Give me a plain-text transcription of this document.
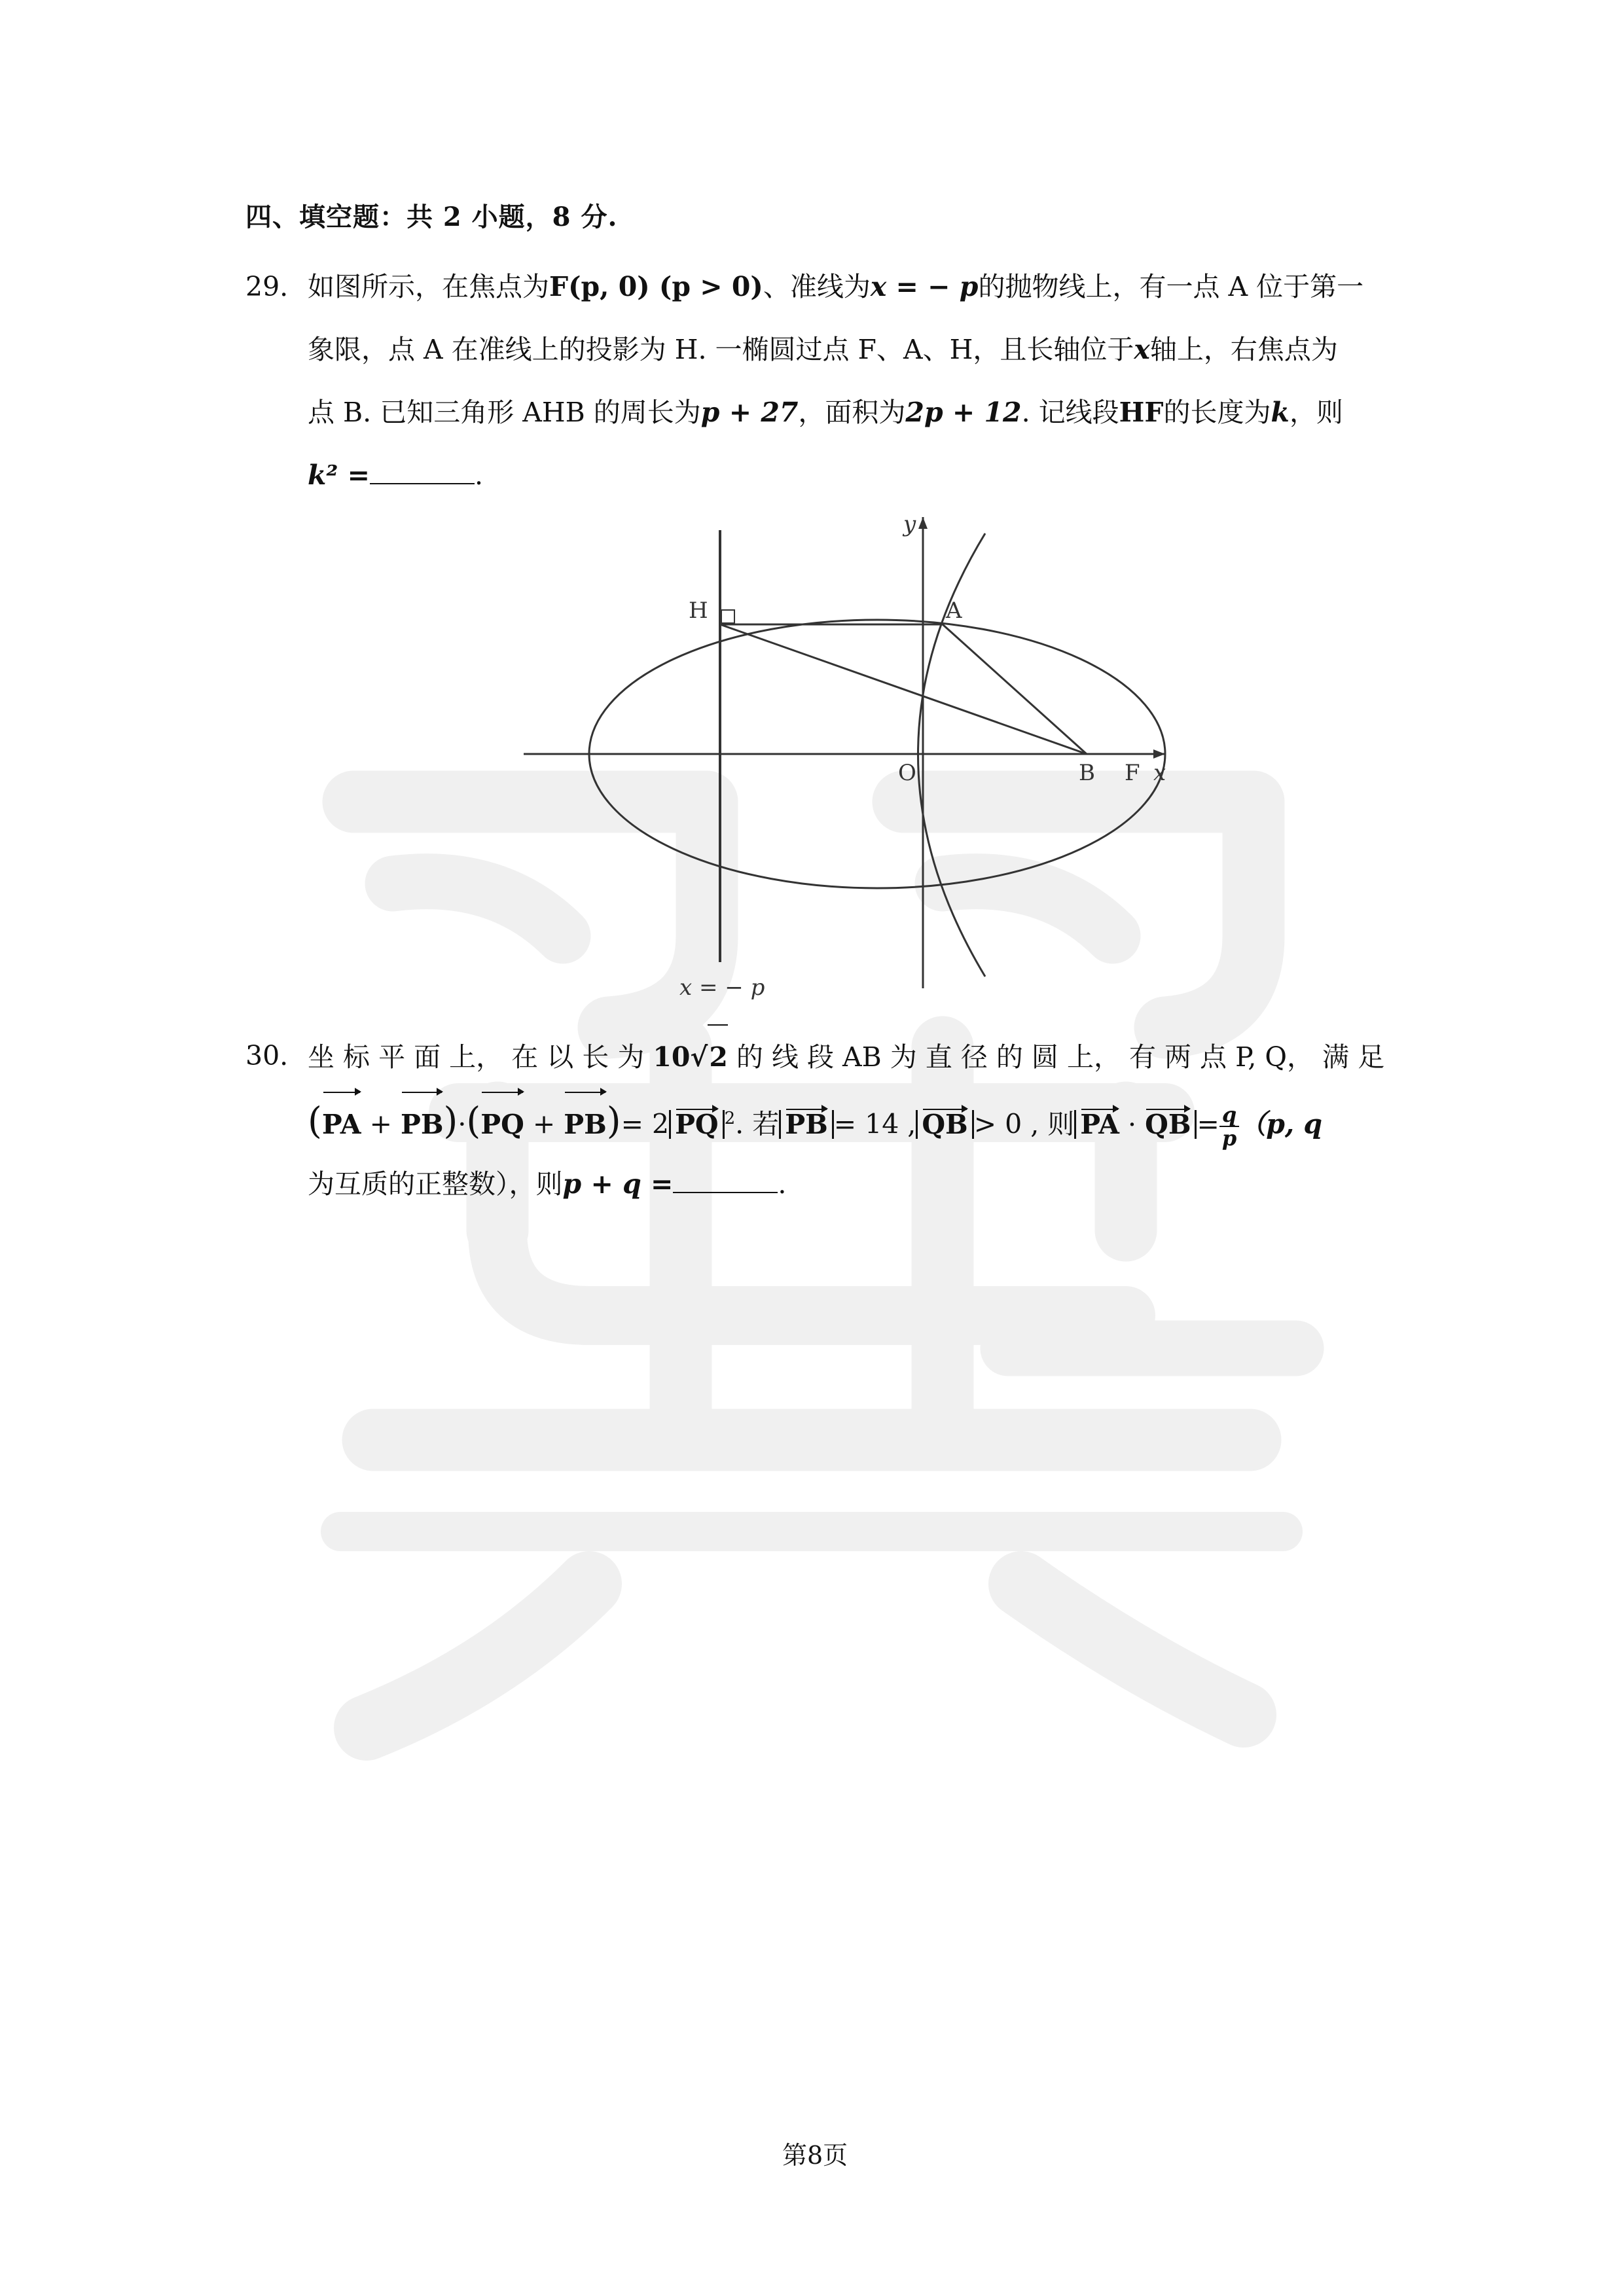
四、填空题：共 2 小题，8 分.
29. 如图所示，在焦点为F(p, 0) (p > 0)、准线为x = − p的抛物线上，有一点 A 位于第一
象限，点 A 在准线上的投影为 H. 一椭圆过点 F、A、H，且长轴位于x轴上，右焦点为
点 B. 已知三角形 AHB 的周长为p + 27，面积为2p + 12. 记线段HF的长度为k，则
k² =	.
y
x
H	A
O	B F
x = − p
30. 坐 标 平 面 上， 在 以 长 为 10√2 的 线 段 AB 为 直 径 的 圆 上， 有 两 点 P, Q， 满 足
(PA + PB)·(PQ + PB)= 2 PQ $^2$. 若 PB = 14 , QB > 0 , 则 PA · QB = $\frac{q}{p} (p$, q
为互质的正整数），则p + q =	.
第8页
